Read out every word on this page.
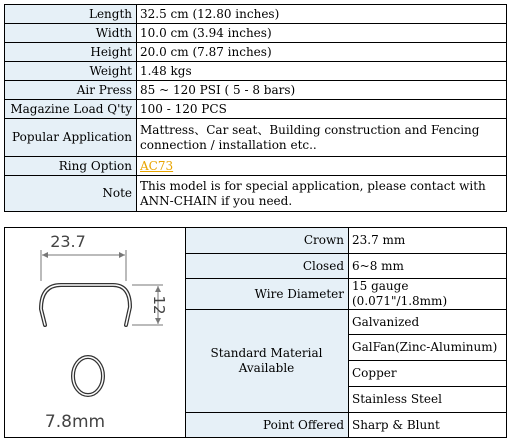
Length	32.5 cm (12.80 inches)
Width	10.0 cm (3.94 inches)
Height	20.0 cm (7.87 inches)
Weight	1.48 kgs
Air Press	85 ~ 120 PSI ( 5 - 8 bars)
Magazine Load Q'ty	100 - 120 PCS
Popular Application	Mattress、Car seat、Building construction and Fencing connection / installation etc..
Ring Option	AC73
Note	This model is for special application, please contact with ANN-CHAIN if you need.
23.7
12
7.8mm	Crown	23.7 mm
	Closed	6~8 mm
	Wire Diameter	15 gauge (0.071"/1.8mm)
	Standard Material Available	Galvanized
		GalFan(Zinc-Aluminum)
		Copper
		Stainless Steel
	Point Offered	Sharp & Blunt
